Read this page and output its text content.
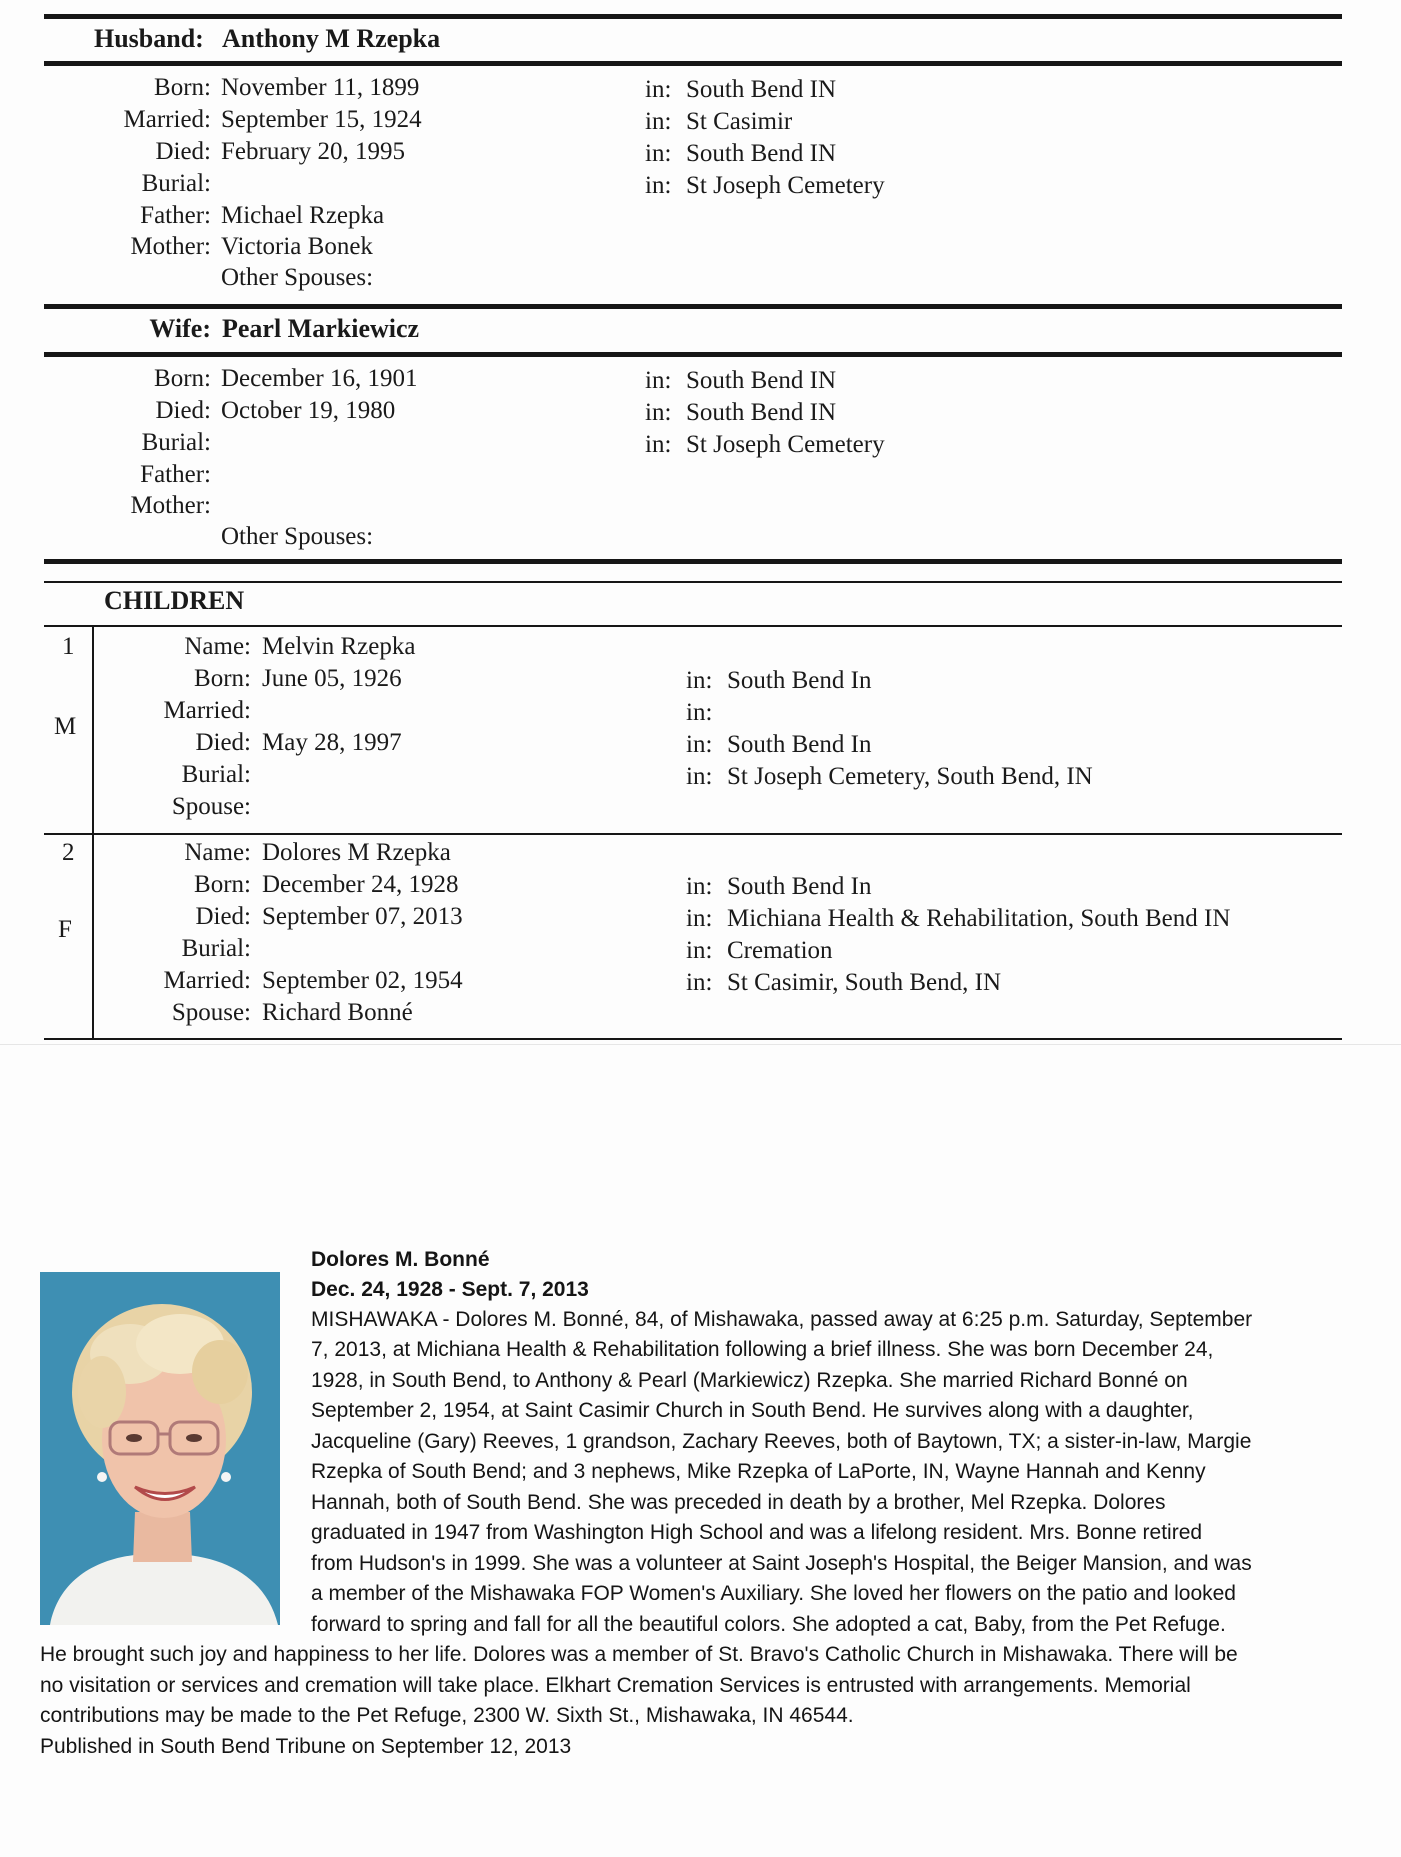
Husband: Anthony M Rzepka
Born: November 11, 1899	in: South Bend IN
Married: September 15, 1924	in: St Casimir
Died: February 20, 1995	in: South Bend IN
Burial:	in: St Joseph Cemetery
Father: Michael Rzepka
Mother: Victoria Bonek
Other Spouses:
Wife: Pearl Markiewicz
Born: December 16, 1901	in: South Bend IN
Died: October 19, 1980	in: South Bend IN
Burial:	in: St Joseph Cemetery
Father:
Mother:
Other Spouses:
CHILDREN
1
M
Name: Melvin Rzepka
Born: June 05, 1926	in: South Bend In
Married:	in:
Died: May 28, 1997	in: South Bend In
Burial:	in: St Joseph Cemetery, South Bend, IN
Spouse:
2
F
Name: Dolores M Rzepka
Born: December 24, 1928	in: South Bend In
Died: September 07, 2013	in: Michiana Health & Rehabilitation, South Bend IN
Burial:	in: Cremation
Married: September 02, 1954	in: St Casimir, South Bend, IN
Spouse: Richard Bonné
Dolores M. Bonné
Dec. 24, 1928 - Sept. 7, 2013
MISHAWAKA - Dolores M. Bonné, 84, of Mishawaka, passed away at 6:25 p.m. Saturday, September
7, 2013, at Michiana Health & Rehabilitation following a brief illness. She was born December 24,
1928, in South Bend, to Anthony & Pearl (Markiewicz) Rzepka. She married Richard Bonné on
September 2, 1954, at Saint Casimir Church in South Bend. He survives along with a daughter,
Jacqueline (Gary) Reeves, 1 grandson, Zachary Reeves, both of Baytown, TX; a sister-in-law, Margie
Rzepka of South Bend; and 3 nephews, Mike Rzepka of LaPorte, IN, Wayne Hannah and Kenny
Hannah, both of South Bend. She was preceded in death by a brother, Mel Rzepka. Dolores
graduated in 1947 from Washington High School and was a lifelong resident. Mrs. Bonne retired
from Hudson's in 1999. She was a volunteer at Saint Joseph's Hospital, the Beiger Mansion, and was
a member of the Mishawaka FOP Women's Auxiliary. She loved her flowers on the patio and looked
forward to spring and fall for all the beautiful colors. She adopted a cat, Baby, from the Pet Refuge.
He brought such joy and happiness to her life. Dolores was a member of St. Bravo's Catholic Church in Mishawaka. There will be
no visitation or services and cremation will take place. Elkhart Cremation Services is entrusted with arrangements. Memorial
contributions may be made to the Pet Refuge, 2300 W. Sixth St., Mishawaka, IN 46544.
Published in South Bend Tribune on September 12, 2013
